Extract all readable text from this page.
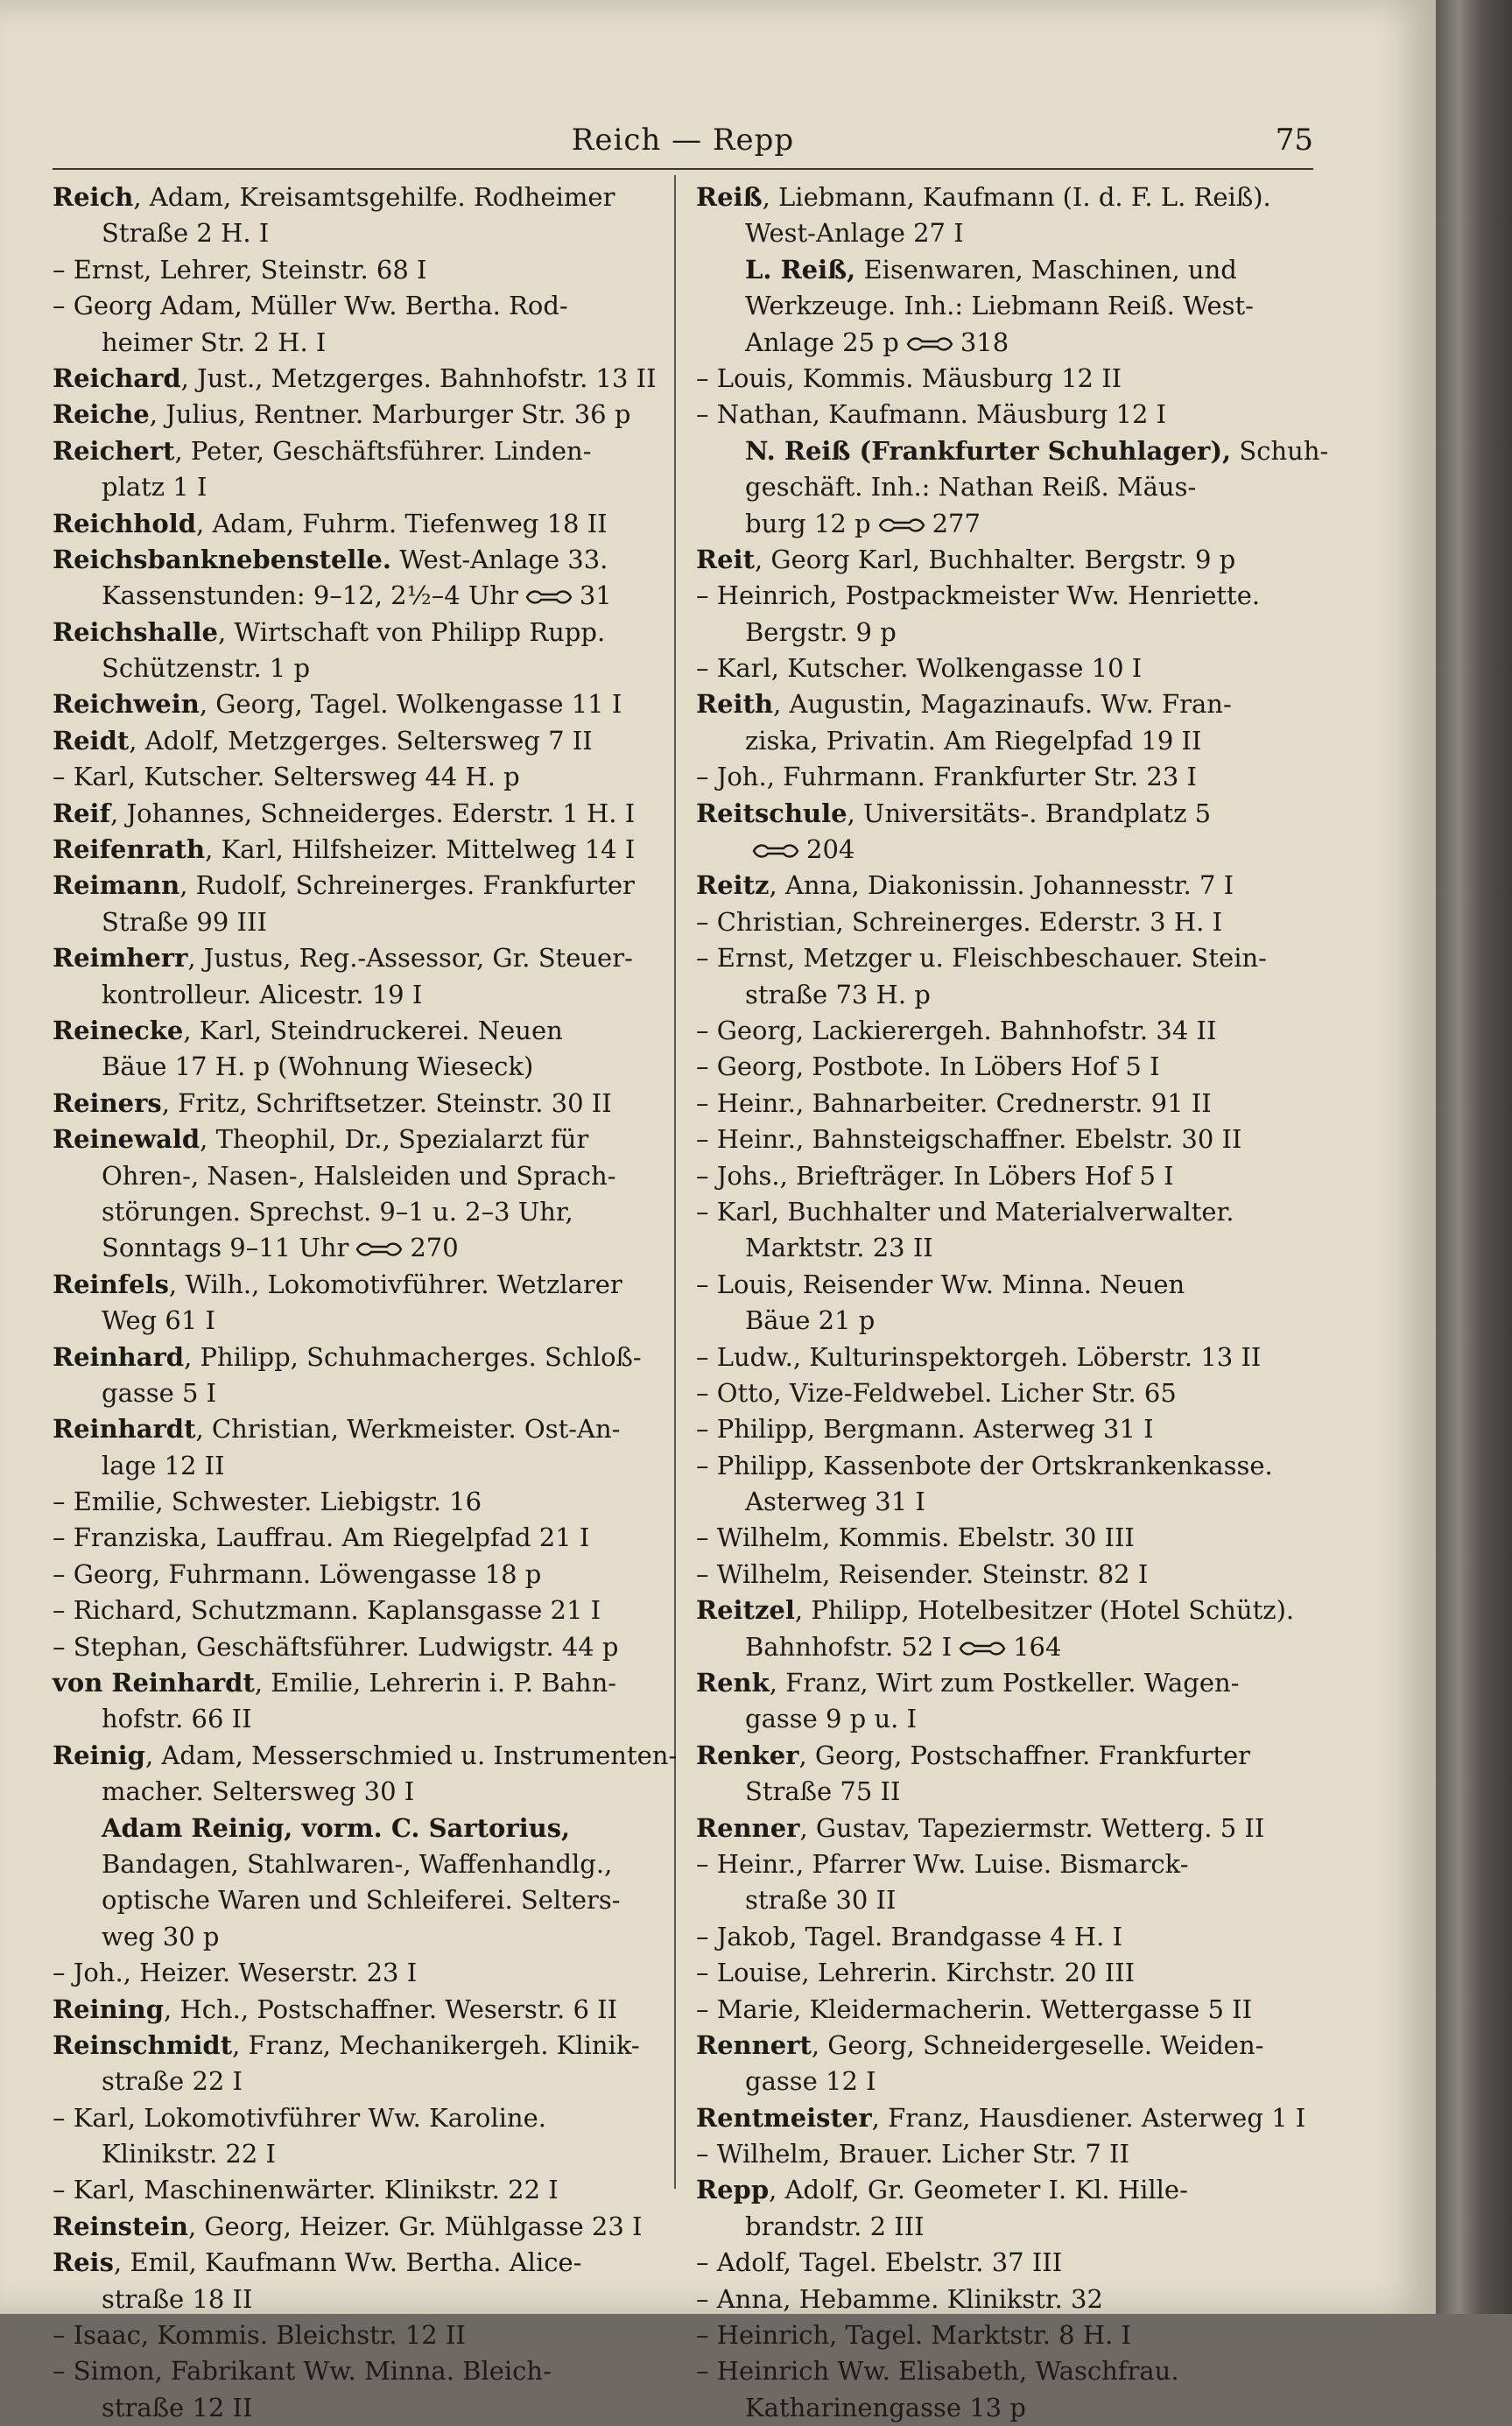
Reich — Repp	75
Reich, Adam, Kreisamtsgehilfe. Rodheimer
Straße 2 H. I
– Ernst, Lehrer, Steinstr. 68 I
– Georg Adam, Müller Ww. Bertha. Rod-
heimer Str. 2 H. I
Reichard, Just., Metzgerges. Bahnhofstr. 13 II
Reiche, Julius, Rentner. Marburger Str. 36 p
Reichert, Peter, Geschäftsführer. Linden-
platz 1 I
Reichhold, Adam, Fuhrm. Tiefenweg 18 II
Reichsbanknebenstelle. West-Anlage 33.
Kassenstunden: 9–12, 2½–4 Uhr 31
Reichshalle, Wirtschaft von Philipp Rupp.
Schützenstr. 1 p
Reichwein, Georg, Tagel. Wolkengasse 11 I
Reidt, Adolf, Metzgerges. Seltersweg 7 II
– Karl, Kutscher. Seltersweg 44 H. p
Reif, Johannes, Schneiderges. Ederstr. 1 H. I
Reifenrath, Karl, Hilfsheizer. Mittelweg 14 I
Reimann, Rudolf, Schreinerges. Frankfurter
Straße 99 III
Reimherr, Justus, Reg.-Assessor, Gr. Steuer-
kontrolleur. Alicestr. 19 I
Reinecke, Karl, Steindruckerei. Neuen
Bäue 17 H. p (Wohnung Wieseck)
Reiners, Fritz, Schriftsetzer. Steinstr. 30 II
Reinewald, Theophil, Dr., Spezialarzt für
Ohren-, Nasen-, Halsleiden und Sprach-
störungen. Sprechst. 9–1 u. 2–3 Uhr,
Sonntags 9–11 Uhr 270
Reinfels, Wilh., Lokomotivführer. Wetzlarer
Weg 61 I
Reinhard, Philipp, Schuhmacherges. Schloß-
gasse 5 I
Reinhardt, Christian, Werkmeister. Ost-An-
lage 12 II
– Emilie, Schwester. Liebigstr. 16
– Franziska, Lauffrau. Am Riegelpfad 21 I
– Georg, Fuhrmann. Löwengasse 18 p
– Richard, Schutzmann. Kaplansgasse 21 I
– Stephan, Geschäftsführer. Ludwigstr. 44 p
von Reinhardt, Emilie, Lehrerin i. P. Bahn-
hofstr. 66 II
Reinig, Adam, Messerschmied u. Instrumenten-
macher. Seltersweg 30 I
Adam Reinig, vorm. C. Sartorius,
Bandagen, Stahlwaren-, Waffenhandlg.,
optische Waren und Schleiferei. Selters-
weg 30 p
– Joh., Heizer. Weserstr. 23 I
Reining, Hch., Postschaffner. Weserstr. 6 II
Reinschmidt, Franz, Mechanikergeh. Klinik-
straße 22 I
– Karl, Lokomotivführer Ww. Karoline.
Klinikstr. 22 I
– Karl, Maschinenwärter. Klinikstr. 22 I
Reinstein, Georg, Heizer. Gr. Mühlgasse 23 I
Reis, Emil, Kaufmann Ww. Bertha. Alice-
straße 18 II
– Isaac, Kommis. Bleichstr. 12 II
– Simon, Fabrikant Ww. Minna. Bleich-
straße 12 II
Reiß, Liebmann, Kaufmann (I. d. F. L. Reiß).
West-Anlage 27 I
L. Reiß, Eisenwaren, Maschinen, und
Werkzeuge. Inh.: Liebmann Reiß. West-
Anlage 25 p 318
– Louis, Kommis. Mäusburg 12 II
– Nathan, Kaufmann. Mäusburg 12 I
N. Reiß (Frankfurter Schuhlager), Schuh-
geschäft. Inh.: Nathan Reiß. Mäus-
burg 12 p 277
Reit, Georg Karl, Buchhalter. Bergstr. 9 p
– Heinrich, Postpackmeister Ww. Henriette.
Bergstr. 9 p
– Karl, Kutscher. Wolkengasse 10 I
Reith, Augustin, Magazinaufs. Ww. Fran-
ziska, Privatin. Am Riegelpfad 19 II
– Joh., Fuhrmann. Frankfurter Str. 23 I
Reitschule, Universitäts-. Brandplatz 5
204
Reitz, Anna, Diakonissin. Johannesstr. 7 I
– Christian, Schreinerges. Ederstr. 3 H. I
– Ernst, Metzger u. Fleischbeschauer. Stein-
straße 73 H. p
– Georg, Lackierergeh. Bahnhofstr. 34 II
– Georg, Postbote. In Löbers Hof 5 I
– Heinr., Bahnarbeiter. Crednerstr. 91 II
– Heinr., Bahnsteigschaffner. Ebelstr. 30 II
– Johs., Briefträger. In Löbers Hof 5 I
– Karl, Buchhalter und Materialverwalter.
Marktstr. 23 II
– Louis, Reisender Ww. Minna. Neuen
Bäue 21 p
– Ludw., Kulturinspektorgeh. Löberstr. 13 II
– Otto, Vize-Feldwebel. Licher Str. 65
– Philipp, Bergmann. Asterweg 31 I
– Philipp, Kassenbote der Ortskrankenkasse.
Asterweg 31 I
– Wilhelm, Kommis. Ebelstr. 30 III
– Wilhelm, Reisender. Steinstr. 82 I
Reitzel, Philipp, Hotelbesitzer (Hotel Schütz).
Bahnhofstr. 52 I 164
Renk, Franz, Wirt zum Postkeller. Wagen-
gasse 9 p u. I
Renker, Georg, Postschaffner. Frankfurter
Straße 75 II
Renner, Gustav, Tapeziermstr. Wetterg. 5 II
– Heinr., Pfarrer Ww. Luise. Bismarck-
straße 30 II
– Jakob, Tagel. Brandgasse 4 H. I
– Louise, Lehrerin. Kirchstr. 20 III
– Marie, Kleidermacherin. Wettergasse 5 II
Rennert, Georg, Schneidergeselle. Weiden-
gasse 12 I
Rentmeister, Franz, Hausdiener. Asterweg 1 I
– Wilhelm, Brauer. Licher Str. 7 II
Repp, Adolf, Gr. Geometer I. Kl. Hille-
brandstr. 2 III
– Adolf, Tagel. Ebelstr. 37 III
– Anna, Hebamme. Klinikstr. 32
– Heinrich, Tagel. Marktstr. 8 H. I
– Heinrich Ww. Elisabeth, Waschfrau.
Katharinengasse 13 p
